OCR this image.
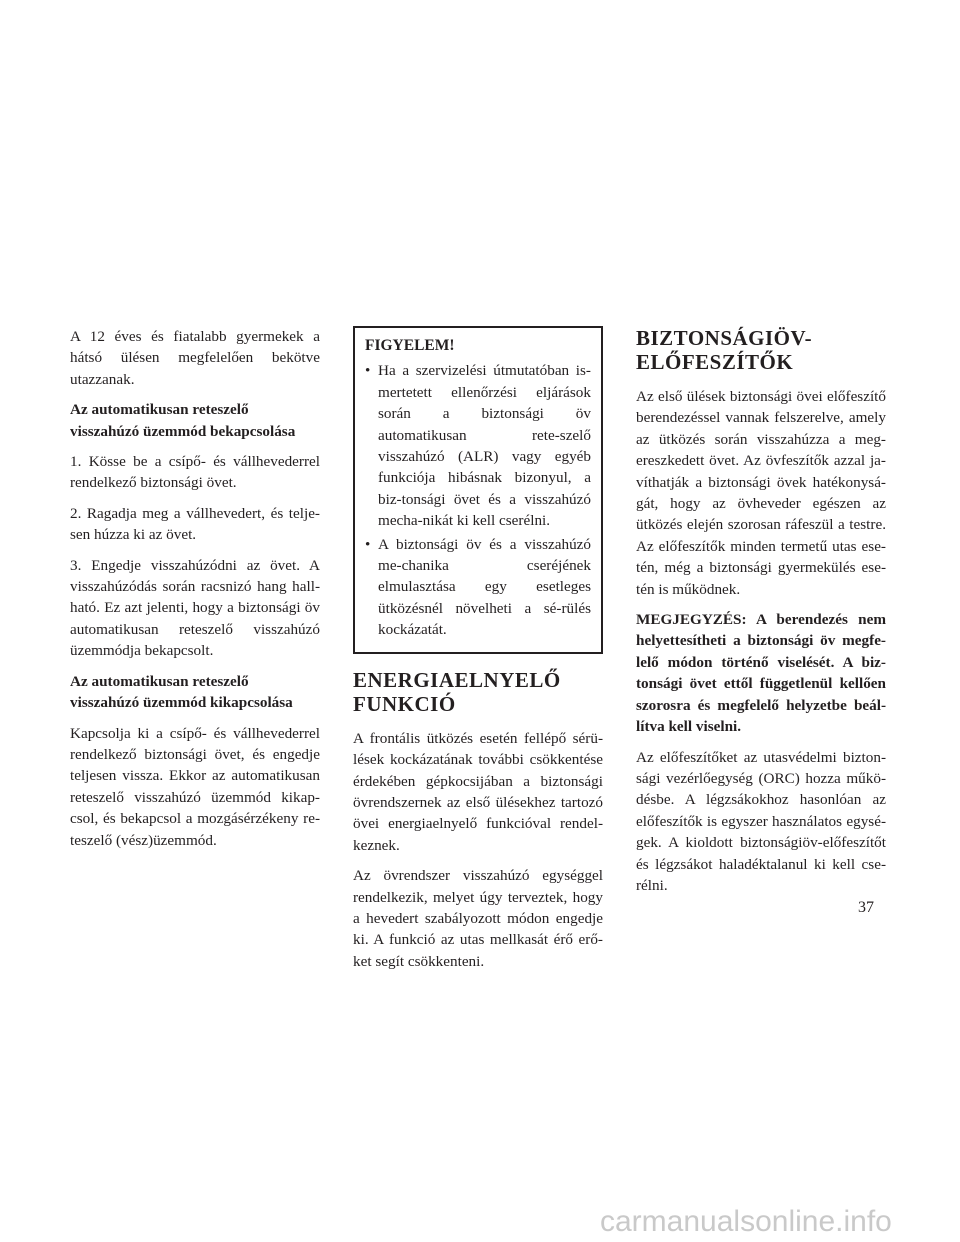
A 12 éves és fiatalabb gyermekek a hátsó ülésen megfelelően bekötve utazzanak.

Az automatikusan reteszelő visszahúzó üzemmód bekapcsolása

1. Kösse be a csípő- és vállhevederrel rendelkező biztonsági övet.

2. Ragadja meg a vállhevedert, és telje-sen húzza ki az övet.

3. Engedje visszahúzódni az övet. A visszahúzódás során racsnizó hang hall-ható. Ez azt jelenti, hogy a biztonsági öv automatikusan reteszelő visszahúzó üzemmódja bekapcsolt.

Az automatikusan reteszelő visszahúzó üzemmód kikapcsolása

Kapcsolja ki a csípő- és vállhevederrel rendelkező biztonsági övet, és engedje teljesen vissza. Ekkor az automatikusan reteszelő visszahúzó üzemmód kikap-csol, és bekapcsol a mozgásérzékeny re-teszelő (vész)üzemmód.

FIGYELEM!
• Ha a szervizelési útmutatóban is-mertetett ellenőrzési eljárások során a biztonsági öv automatikusan rete-szelő visszahúzó (ALR) vagy egyéb funkciója hibásnak bizonyul, a biz-tonsági övet és a visszahúzó mecha-nikát ki kell cserélni.
• A biztonsági öv és a visszahúzó me-chanika cseréjének elmulasztása egy esetleges ütközésnél növelheti a sé-rülés kockázatát.
ENERGIAELNYELŐ FUNKCIÓ

A frontális ütközés esetén fellépő sérü-lések kockázatának további csökkentése érdekében gépkocsijában a biztonsági övrendszernek az első ülésekhez tartozó övei energiaelnyelő funkcióval rendel-keznek.

Az övrendszer visszahúzó egységgel rendelkezik, melyet úgy terveztek, hogy a hevedert szabályozott módon engedje ki. A funkció az utas mellkasát érő erő-ket segít csökkenteni.

BIZTONSÁGIÖV-ELŐFESZÍTŐK

Az első ülések biztonsági övei előfeszítő berendezéssel vannak felszerelve, amely az ütközés során visszahúzza a meg-ereszkedett övet. Az övfeszítők azzal ja-víthatják a biztonsági övek hatékonysá-gát, hogy az övheveder egészen az ütközés elején szorosan ráfeszül a testre. Az előfeszítők minden termetű utas ese-tén, még a biztonsági gyermekülés ese-tén is működnek.

MEGJEGYZÉS: A berendezés nem helyettesítheti a biztonsági öv megfe-lelő módon történő viselését. A biz-tonsági övet ettől függetlenül kellően szorosra és megfelelő helyzetbe beál-lítva kell viselni.

Az előfeszítőket az utasvédelmi bizton-sági vezérlőegység (ORC) hozza műkö-désbe. A légzsákokhoz hasonlóan az előfeszítők is egyszer használatos egysé-gek. A kioldott biztonságiöv-előfeszítőt és légzsákot haladéktalanul ki kell cse-rélni.

37
carmanualsonline.info
